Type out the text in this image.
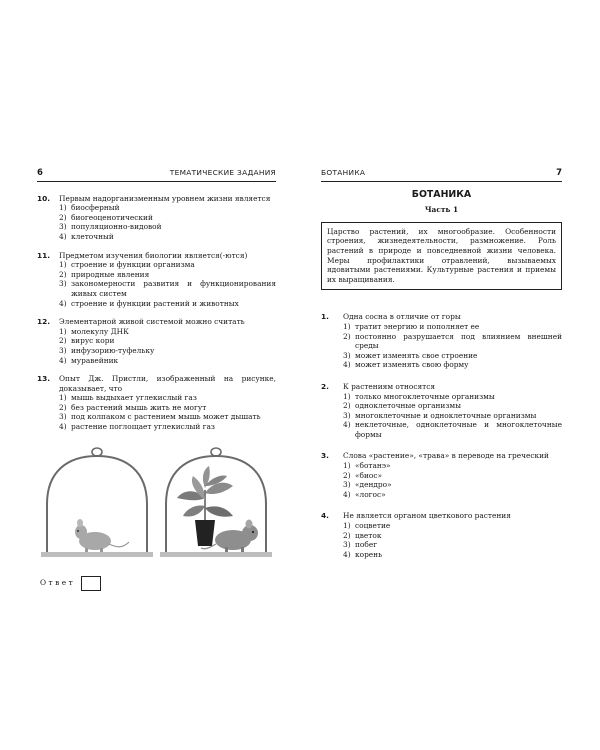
6	ТЕМАТИЧЕСКИЕ ЗАДАНИЯ
10.	Первым надорганизменным уровнем жизни является
1) биосферный
2) биогеоценотический
3) популяционно-видовой
4) клеточный
11.	Предметом изучения биологии является(-ются)
1) строение и функции организма
2) природные явления
3) закономерности развития и функционирования живых систем
4) строение и функции растений и животных
12.	Элементарной живой системой можно считать
1) молекулу ДНК
2) вирус кори
3) инфузорию-туфельку
4) муравейник
13.	Опыт Дж. Пристли, изображенный на рисунке, доказывает, что
1) мышь выдыхает углекислый газ
2) без растений мышь жить не могут
3) под колпаком с растением мышь может дышать
4) растение поглощает углекислый газ
Ответ
БОТАНИКА	7
БОТАНИКА
Часть 1
Царство растений, их многообразие. Особенности строения, жизнедеятельности, размножение. Роль растений в природе и повседневной жизни человека. Меры профилактики отравлений, вызываемых ядовитыми растениями. Культурные растения и приемы их выращивания.
1.	Одна сосна в отличие от горы
1) тратит энергию и пополняет ее
2) постоянно разрушается под влиянием внешней среды
3) может изменять свое строение
4) может изменять свою форму
2.	К растениям относятся
1) только многоклеточные организмы
2) одноклеточные организмы
3) многоклеточные и одноклеточные организмы
4) неклеточные, одноклеточные и многоклеточные формы
3.	Слова «растение», «трава» в переводе на греческий
1) «ботанэ»
2) «биос»
3) «дендро»
4) «логос»
4.	Не является органом цветкового растения
1) соцветие
2) цветок
3) побег
4) корень
